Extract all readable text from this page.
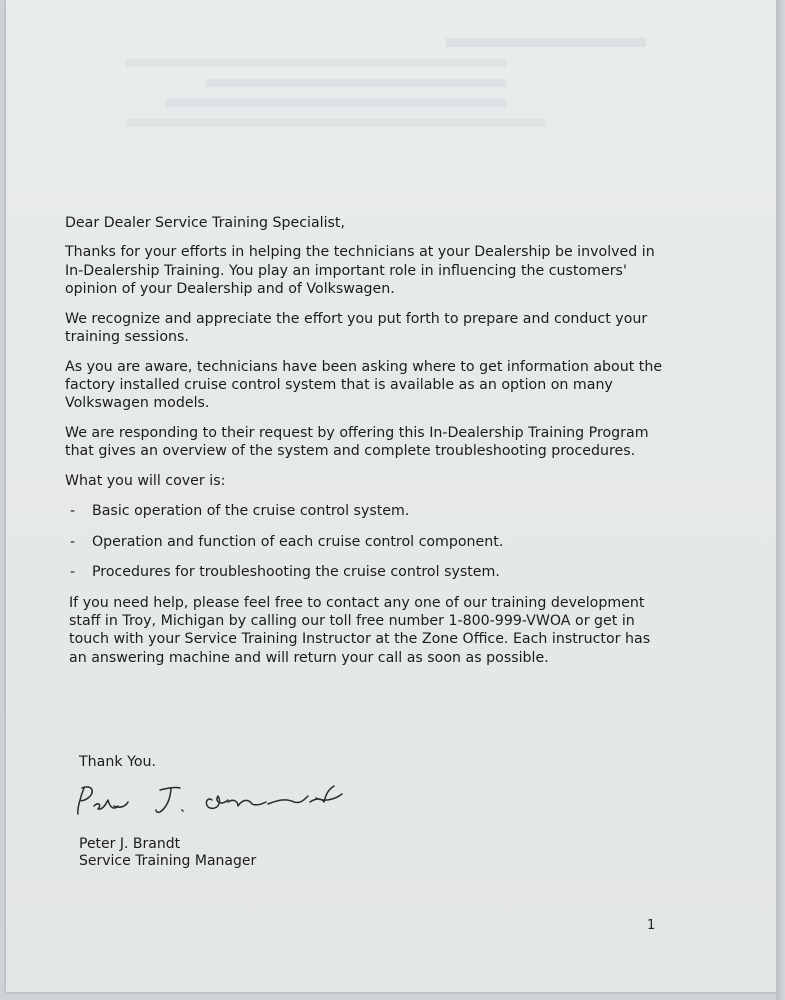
Dear Dealer Service Training Specialist,

Thanks for your efforts in helping the technicians at your Dealership be involved in In-Dealership Training. You play an important role in influencing the customers' opinion of your Dealership and of Volkswagen.

We recognize and appreciate the effort you put forth to prepare and conduct your training sessions.

As you are aware, technicians have been asking where to get information about the factory installed cruise control system that is available as an option on many Volkswagen models.

We are responding to their request by offering this In-Dealership Training Program that gives an overview of the system and complete troubleshooting procedures.

What you will cover is:

-	Basic operation of the cruise control system.
-	Operation and function of each cruise control component.
-	Procedures for troubleshooting the cruise control system.

If you need help, please feel free to contact any one of our training development staff in Troy, Michigan by calling our toll free number 1-800-999-VWOA or get in touch with your Service Training Instructor at the Zone Office. Each instructor has an answering machine and will return your call as soon as possible.

Thank You.
Peter J. Brandt
Service Training Manager
1
